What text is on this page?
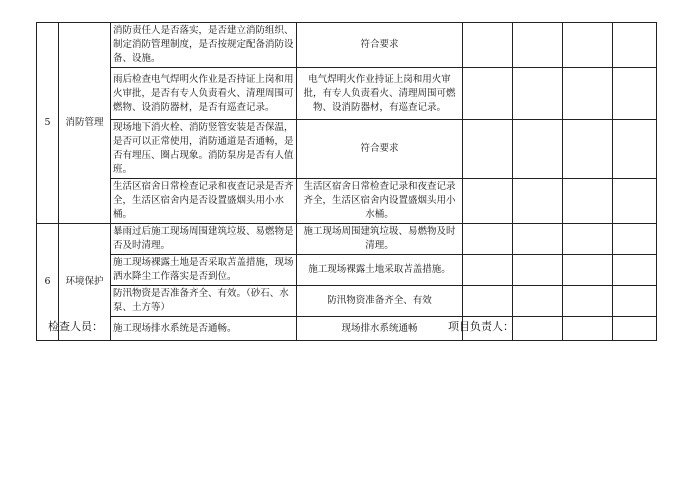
5	消防管理	消防责任人是否落实，是否建立消防组织、制定消防管理制度，是否按规定配备消防设备、设施。	符合要求				
		雨后检查电气焊明火作业是否持证上岗和用火审批，是否有专人负责看火、清理周围可燃物、设消防器材，是否有巡查记录。	电气焊明火作业持证上岗和用火审批，有专人负责看火、清理周围可燃物、设消防器材，有巡查记录。				
		现场地下消火栓、消防竖管安装是否保温，是否可以正常使用，消防通道是否通畅，是否有埋压、圈占现象。消防泵房是否有人值班。	符合要求				
		生活区宿舍日常检查记录和夜查记录是否齐全，生活区宿舍内是否设置盛烟头用小水桶。	生活区宿舍日常检查记录和夜查记录齐全，生活区宿舍内设置盛烟头用小水桶。				
6	环境保护	暴雨过后施工现场周围建筑垃圾、易燃物是否及时清理。	施工现场周围建筑垃圾、易燃物及时清理。				
		施工现场裸露土地是否采取苫盖措施，现场洒水降尘工作落实是否到位。	施工现场裸露土地采取苫盖措施。				
		防汛物资是否准备齐全、有效。（砂石、水泵、土方等）	防汛物资准备齐全、有效				
		施工现场排水系统是否通畅。	现场排水系统通畅				
检查人员：	项目负责人：
